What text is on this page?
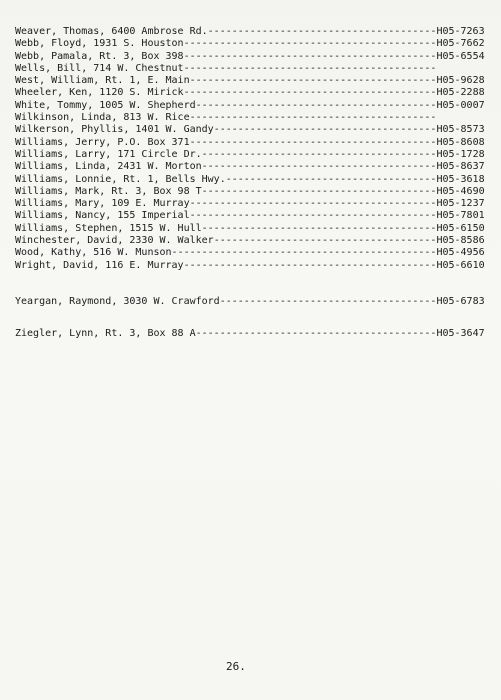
Weaver, Thomas, 6400 Ambrose Rd.--------------------------------------H05-7263
Webb, Floyd, 1931 S. Houston------------------------------------------H05-7662
Webb, Pamala, Rt. 3, Box 398------------------------------------------H05-6554
Wells, Bill, 714 W. Chestnut------------------------------------------
West, William, Rt. 1, E. Main-----------------------------------------H05-9628
Wheeler, Ken, 1120 S. Mirick------------------------------------------H05-2288
White, Tommy, 1005 W. Shepherd----------------------------------------H05-0007
Wilkinson, Linda, 813 W. Rice-----------------------------------------
Wilkerson, Phyllis, 1401 W. Gandy-------------------------------------H05-8573
Williams, Jerry, P.O. Box 371-----------------------------------------H05-8608
Williams, Larry, 171 Circle Dr.---------------------------------------H05-1728
Williams, Linda, 2431 W. Morton---------------------------------------H05-8637
Williams, Lonnie, Rt. 1, Bells Hwy.-----------------------------------H05-3618
Williams, Mark, Rt. 3, Box 98 T---------------------------------------H05-4690
Williams, Mary, 109 E. Murray-----------------------------------------H05-1237
Williams, Nancy, 155 Imperial-----------------------------------------H05-7801
Williams, Stephen, 1515 W. Hull---------------------------------------H05-6150
Winchester, David, 2330 W. Walker-------------------------------------H05-8586
Wood, Kathy, 516 W. Munson--------------------------------------------H05-4956
Wright, David, 116 E. Murray------------------------------------------H05-6610
Yeargan, Raymond, 3030 W. Crawford------------------------------------H05-6783
Ziegler, Lynn, Rt. 3, Box 88 A----------------------------------------H05-3647
26.
